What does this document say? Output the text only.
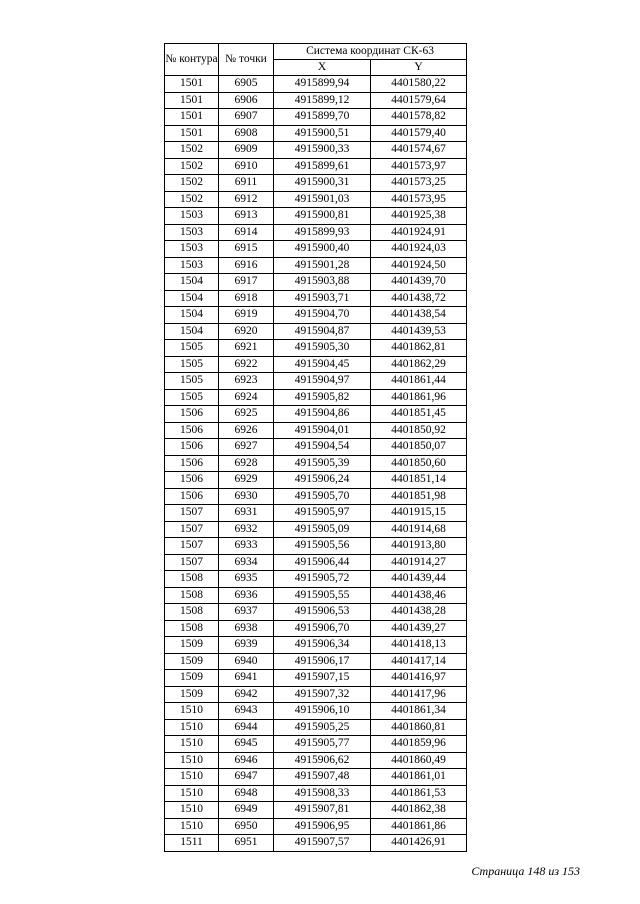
№ контура	№ точки	Система координат СК-63	
		X	Y
1501	6905	4915899,94	4401580,22
1501	6906	4915899,12	4401579,64
1501	6907	4915899,70	4401578,82
1501	6908	4915900,51	4401579,40
1502	6909	4915900,33	4401574,67
1502	6910	4915899,61	4401573,97
1502	6911	4915900,31	4401573,25
1502	6912	4915901,03	4401573,95
1503	6913	4915900,81	4401925,38
1503	6914	4915899,93	4401924,91
1503	6915	4915900,40	4401924,03
1503	6916	4915901,28	4401924,50
1504	6917	4915903,88	4401439,70
1504	6918	4915903,71	4401438,72
1504	6919	4915904,70	4401438,54
1504	6920	4915904,87	4401439,53
1505	6921	4915905,30	4401862,81
1505	6922	4915904,45	4401862,29
1505	6923	4915904,97	4401861,44
1505	6924	4915905,82	4401861,96
1506	6925	4915904,86	4401851,45
1506	6926	4915904,01	4401850,92
1506	6927	4915904,54	4401850,07
1506	6928	4915905,39	4401850,60
1506	6929	4915906,24	4401851,14
1506	6930	4915905,70	4401851,98
1507	6931	4915905,97	4401915,15
1507	6932	4915905,09	4401914,68
1507	6933	4915905,56	4401913,80
1507	6934	4915906,44	4401914,27
1508	6935	4915905,72	4401439,44
1508	6936	4915905,55	4401438,46
1508	6937	4915906,53	4401438,28
1508	6938	4915906,70	4401439,27
1509	6939	4915906,34	4401418,13
1509	6940	4915906,17	4401417,14
1509	6941	4915907,15	4401416,97
1509	6942	4915907,32	4401417,96
1510	6943	4915906,10	4401861,34
1510	6944	4915905,25	4401860,81
1510	6945	4915905,77	4401859,96
1510	6946	4915906,62	4401860,49
1510	6947	4915907,48	4401861,01
1510	6948	4915908,33	4401861,53
1510	6949	4915907,81	4401862,38
1510	6950	4915906,95	4401861,86
1511	6951	4915907,57	4401426,91
Страница 148 из 153
